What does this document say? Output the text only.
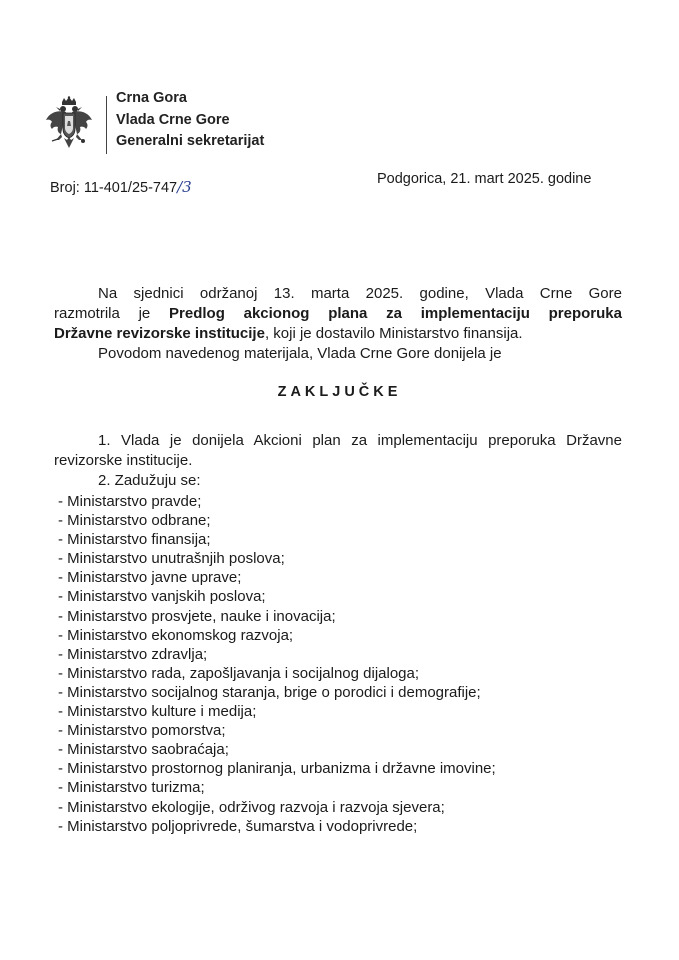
Crna Gora
Vlada Crne Gore
Generalni sekretarijat
Broj: 11-401/25-747/3	Podgorica, 21. mart 2025. godine

Na sjednici održanoj 13. marta 2025. godine, Vlada Crne Gore

razmotrila je Predlog akcionog plana za implementaciju preporuka

Državne revizorske institucije, koji je dostavilo Ministarstvo finansija.

Povodom navedenog materijala, Vlada Crne Gore donijela je

ZAKLJUČKE

1. Vlada je donijela Akcioni plan za implementaciju preporuka Državne

revizorske institucije.

2. Zadužuju se:

- Ministarstvo pravde;
- Ministarstvo odbrane;
- Ministarstvo finansija;
- Ministarstvo unutrašnjih poslova;
- Ministarstvo javne uprave;
- Ministarstvo vanjskih poslova;
- Ministarstvo prosvjete, nauke i inovacija;
- Ministarstvo ekonomskog razvoja;
- Ministarstvo zdravlja;
- Ministarstvo rada, zapošljavanja i socijalnog dijaloga;
- Ministarstvo socijalnog staranja, brige o porodici i demografije;
- Ministarstvo kulture i medija;
- Ministarstvo pomorstva;
- Ministarstvo saobraćaja;
- Ministarstvo prostornog planiranja, urbanizma i državne imovine;
- Ministarstvo turizma;
- Ministarstvo ekologije, održivog razvoja i razvoja sjevera;
- Ministarstvo poljoprivrede, šumarstva i vodoprivrede;
